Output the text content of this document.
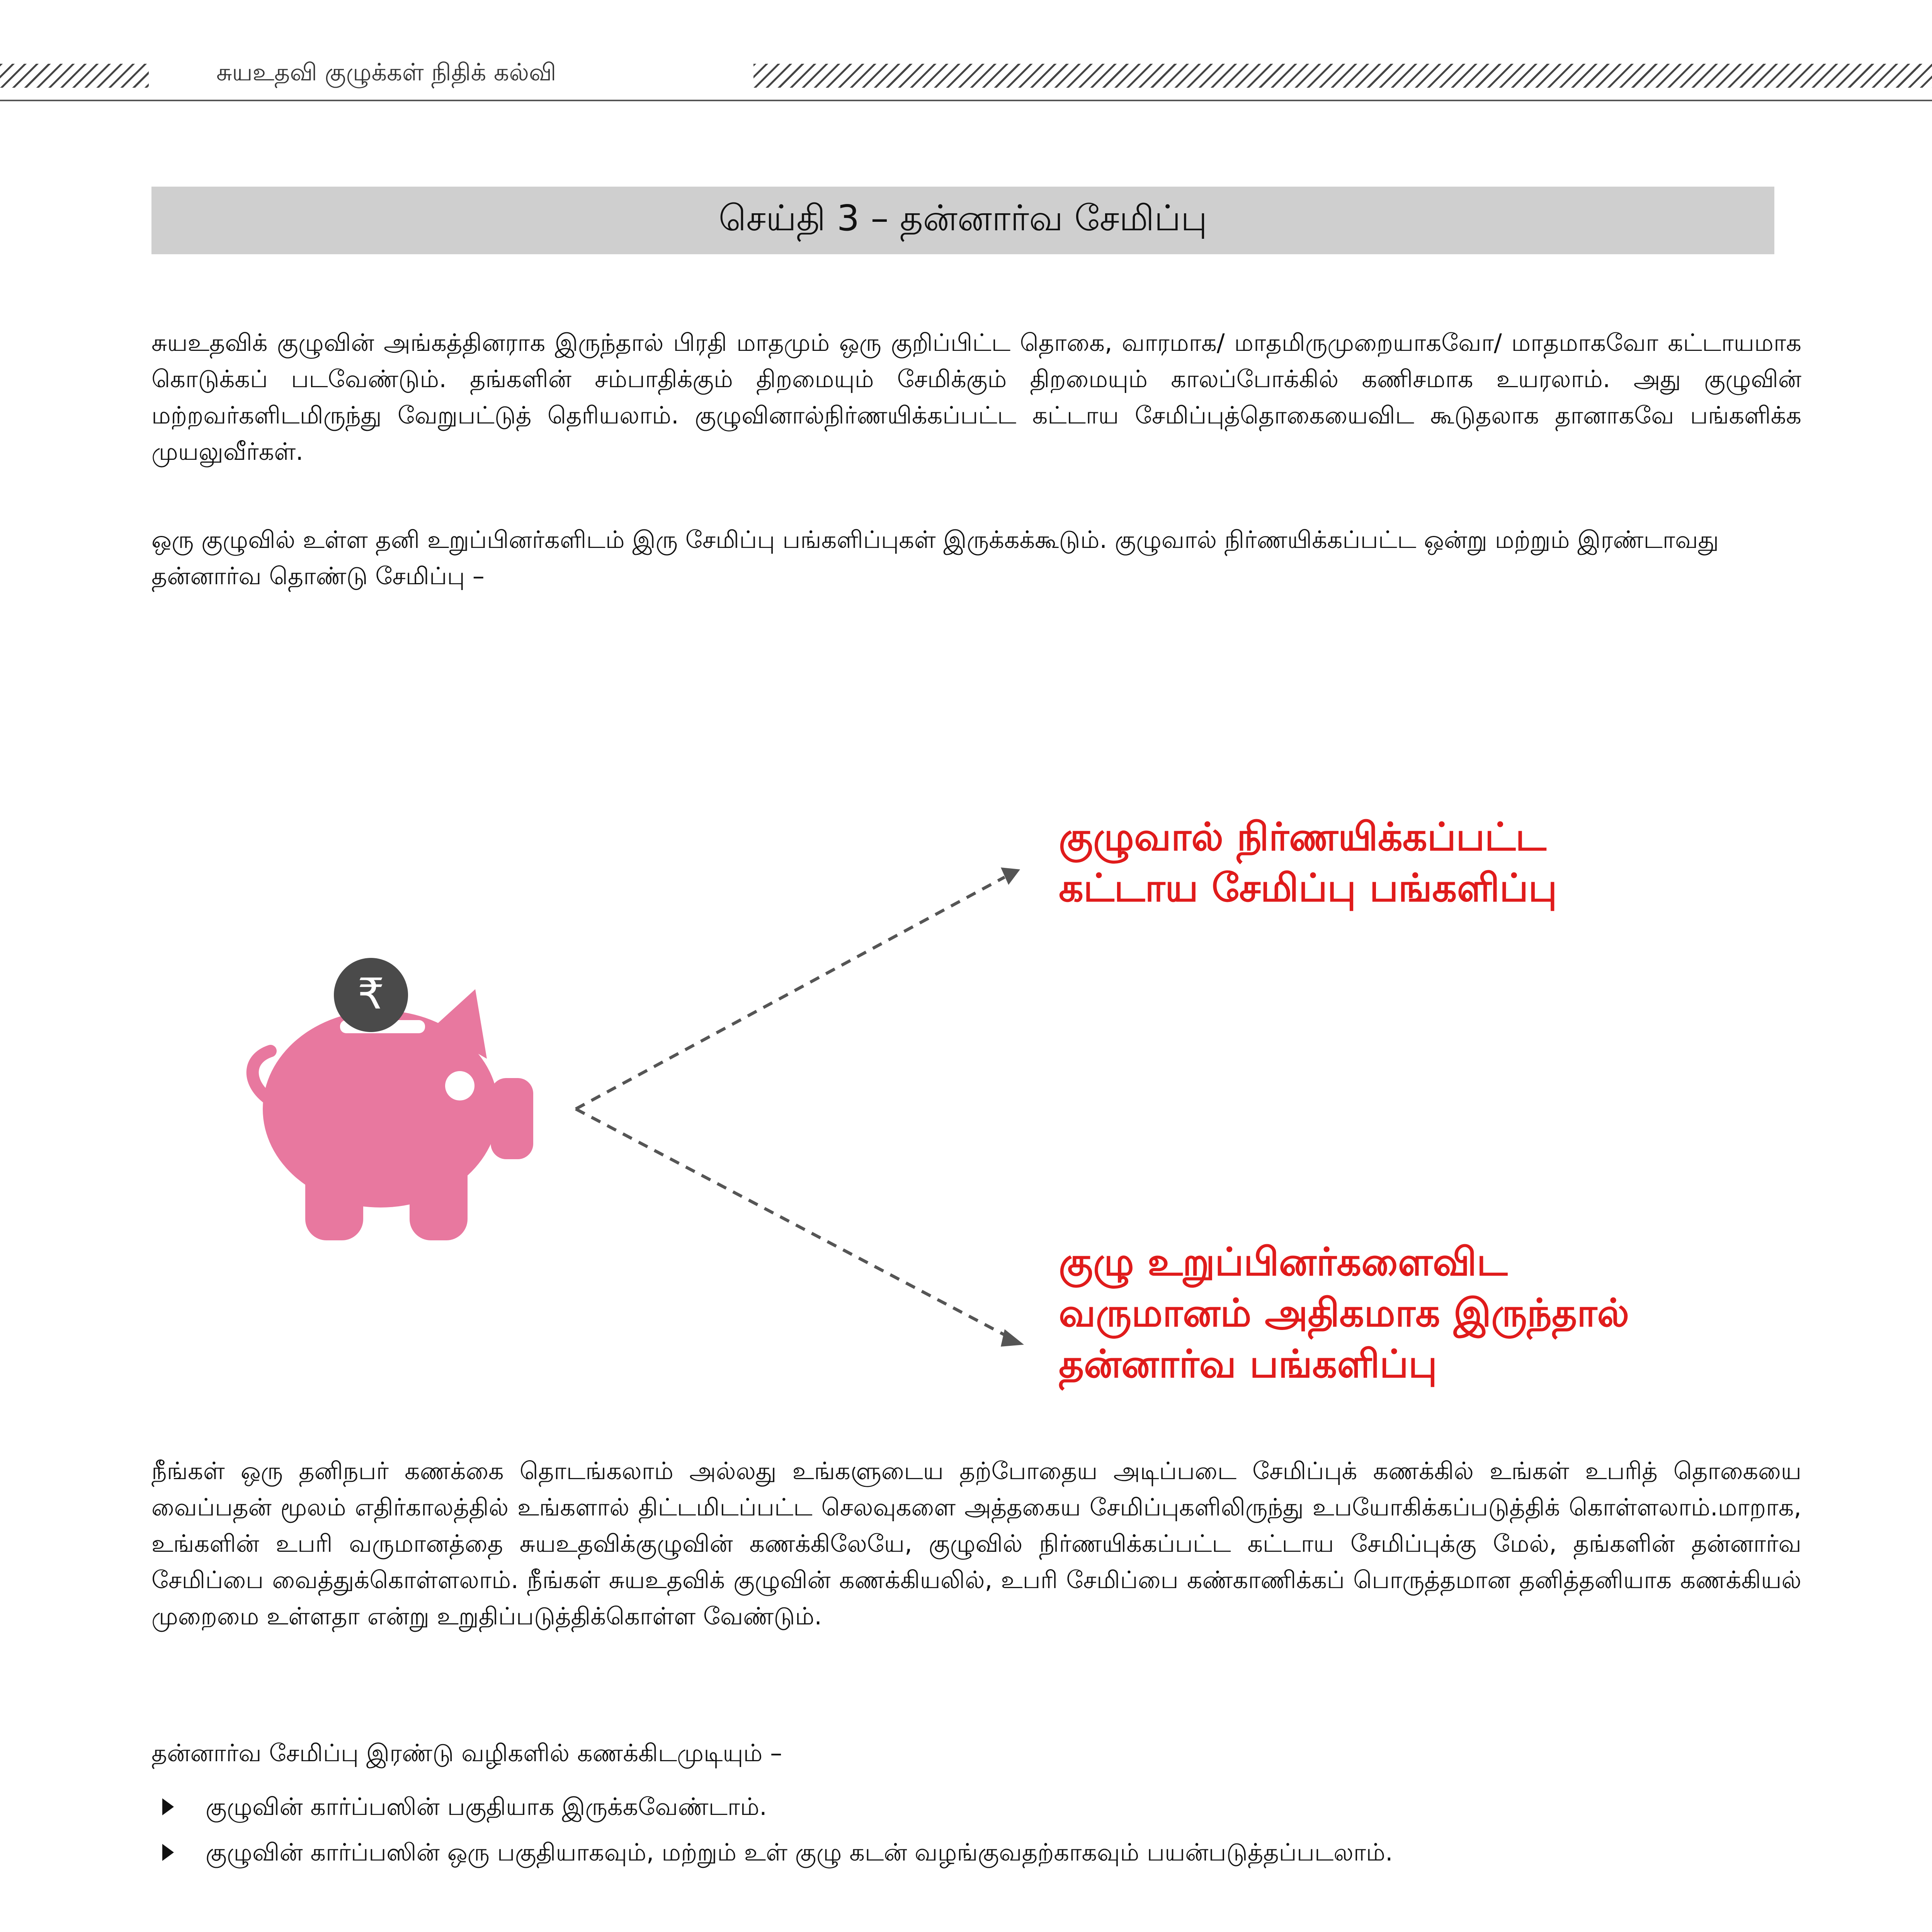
சுயஉதவி குழுக்கள் நிதிக் கல்வி
செய்தி 3 – தன்னார்வ சேமிப்பு
சுயஉதவிக் குழுவின் அங்கத்தினராக இருந்தால் பிரதி மாதமும் ஒரு குறிப்பிட்ட தொகை, வாரமாக/ மாதமிருமுறையாகவோ/ மாதமாகவோ கட்டாயமாக கொடுக்கப் படவேண்டும். தங்களின் சம்பாதிக்கும் திறமையும் சேமிக்கும் திறமையும் காலப்போக்கில் கணிசமாக உயரலாம். அது குழுவின் மற்றவர்களிடமிருந்து வேறுபட்டுத் தெரியலாம். குழுவினால்நிர்ணயிக்கப்பட்ட கட்டாய சேமிப்புத்தொகையைவிட கூடுதலாக தானாகவே பங்களிக்க முயலுவீர்கள்.
ஒரு குழுவில் உள்ள தனி உறுப்பினர்களிடம் இரு சேமிப்பு பங்களிப்புகள் இருக்கக்கூடும். குழுவால் நிர்ணயிக்கப்பட்ட ஒன்று மற்றும் இரண்டாவது தன்னார்வ தொண்டு சேமிப்பு –
₹
குழுவால் நிர்ணயிக்கப்பட்ட
கட்டாய சேமிப்பு பங்களிப்பு
குழு உறுப்பினர்களைவிட
வருமானம் அதிகமாக இருந்தால்
தன்னார்வ பங்களிப்பு
நீங்கள் ஒரு தனிநபர் கணக்கை தொடங்கலாம் அல்லது உங்களுடைய தற்போதைய அடிப்படை சேமிப்புக் கணக்கில் உங்கள் உபரித் தொகையை வைப்பதன் மூலம் எதிர்காலத்தில் உங்களால் திட்டமிடப்பட்ட செலவுகளை அத்தகைய சேமிப்புகளிலிருந்து உபயோகிக்கப்படுத்திக் கொள்ளலாம்.மாறாக, உங்களின் உபரி வருமானத்தை சுயஉதவிக்குழுவின் கணக்கிலேயே, குழுவில் நிர்ணயிக்கப்பட்ட கட்டாய சேமிப்புக்கு மேல், தங்களின் தன்னார்வ சேமிப்பை வைத்துக்கொள்ளலாம். நீங்கள் சுயஉதவிக் குழுவின் கணக்கியலில், உபரி சேமிப்பை கண்காணிக்கப் பொருத்தமான தனித்தனியாக கணக்கியல் முறைமை உள்ளதா என்று உறுதிப்படுத்திக்கொள்ள வேண்டும்.
தன்னார்வ சேமிப்பு இரண்டு வழிகளில் கணக்கிடமுடியும் –
குழுவின் கார்ப்பஸின் பகுதியாக இருக்கவேண்டாம்.
குழுவின் கார்ப்பஸின் ஒரு பகுதியாகவும், மற்றும் உள் குழு கடன் வழங்குவதற்காகவும் பயன்படுத்தப்படலாம்.
